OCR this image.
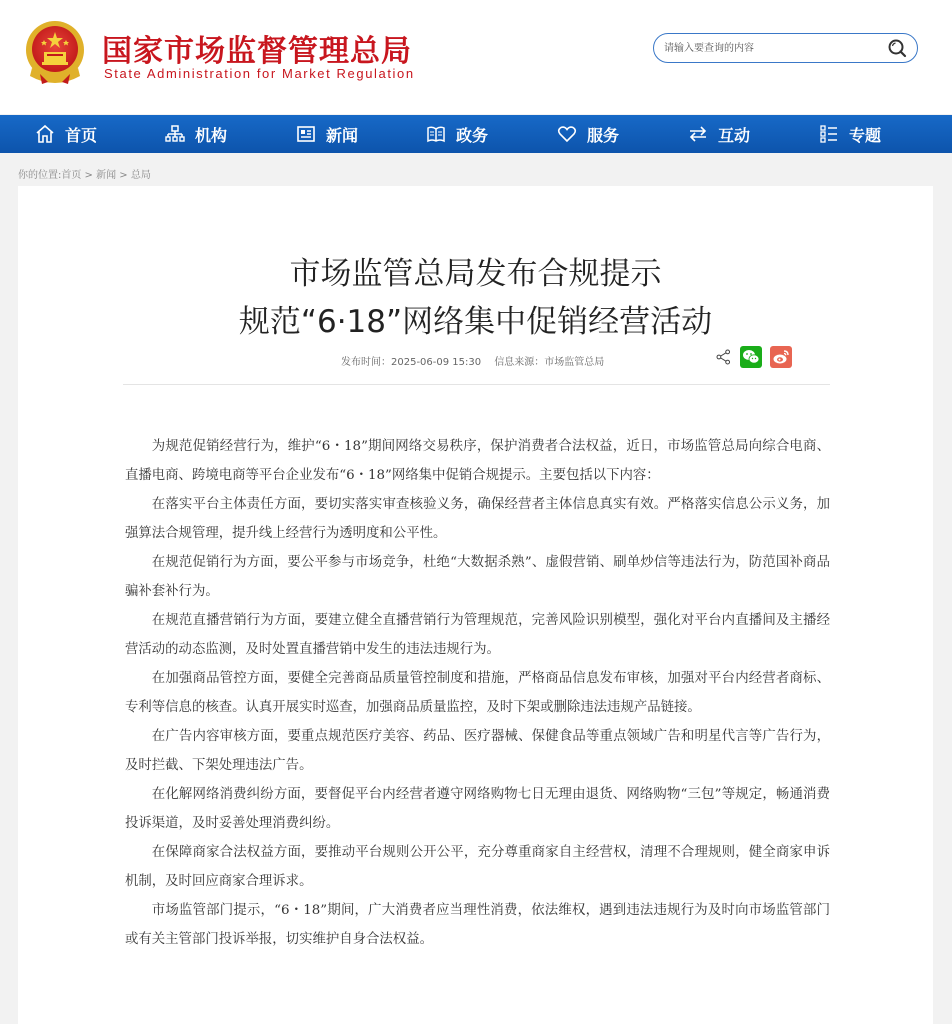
国家市场监督管理总局
State Administration for Market Regulation
请输入要查询的内容
首页	机构	新闻	政务	服务	互动	专题
你的位置:首页 > 新闻 > 总局
市场监管总局发布合规提示
规范“6·18”网络集中促销经营活动
发布时间：2025-06-09 15:30 信息来源：市场监管总局

为规范促销经营行为，维护“6・18”期间网络交易秩序，保护消费者合法权益，近日，市场监管总局向综合电商、直播电商、跨境电商等平台企业发布“6・18”网络集中促销合规提示。主要包括以下内容：

在落实平台主体责任方面，要切实落实审查核验义务，确保经营者主体信息真实有效。严格落实信息公示义务，加强算法合规管理，提升线上经营行为透明度和公平性。

在规范促销行为方面，要公平参与市场竞争，杜绝“大数据杀熟”、虚假营销、刷单炒信等违法行为，防范国补商品骗补套补行为。

在规范直播营销行为方面，要建立健全直播营销行为管理规范，完善风险识别模型，强化对平台内直播间及主播经营活动的动态监测，及时处置直播营销中发生的违法违规行为。

在加强商品管控方面，要健全完善商品质量管控制度和措施，严格商品信息发布审核，加强对平台内经营者商标、专利等信息的核查。认真开展实时巡查，加强商品质量监控，及时下架或删除违法违规产品链接。

在广告内容审核方面，要重点规范医疗美容、药品、医疗器械、保健食品等重点领域广告和明星代言等广告行为，及时拦截、下架处理违法广告。

在化解网络消费纠纷方面，要督促平台内经营者遵守网络购物七日无理由退货、网络购物“三包”等规定，畅通消费投诉渠道，及时妥善处理消费纠纷。

在保障商家合法权益方面，要推动平台规则公开公平，充分尊重商家自主经营权，清理不合理规则，健全商家申诉机制，及时回应商家合理诉求。

市场监管部门提示，“6・18”期间，广大消费者应当理性消费，依法维权，遇到违法违规行为及时向市场监管部门或有关主管部门投诉举报，切实维护自身合法权益。
